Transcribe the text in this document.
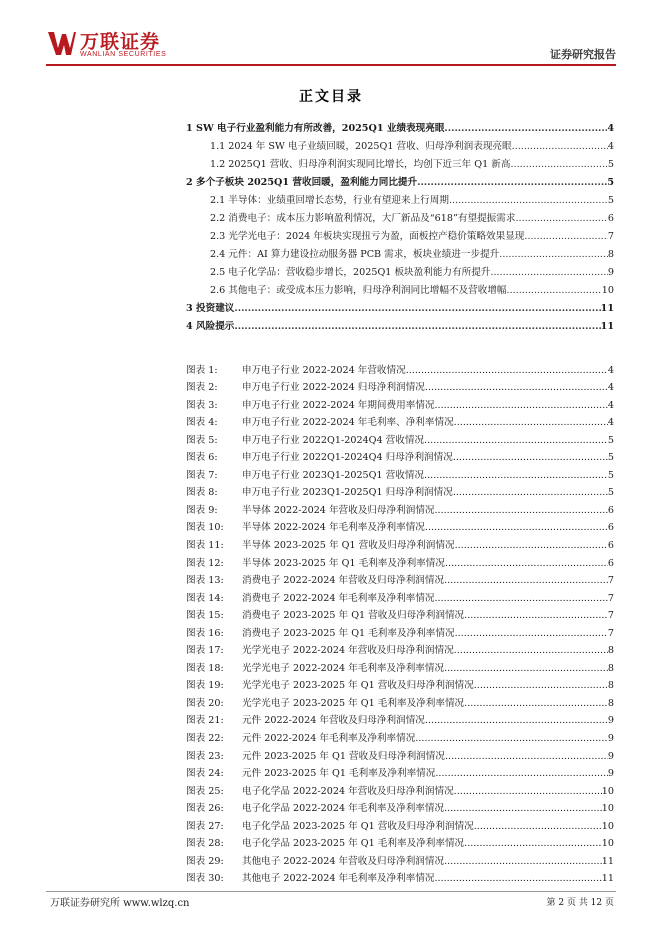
万联证券
WANLIAN SECURITIES	证券研究报告
正文目录
1 SW 电子行业盈利能力有所改善，2025Q1 业绩表现亮眼 .....	4
1.1 2024 年 SW 电子业绩回暖，2025Q1 营收、归母净利润表现亮眼 .....	4
1.2 2025Q1 营收、归母净利润实现同比增长，均创下近三年 Q1 新高 .....	5
2 多个子板块 2025Q1 营收回暖，盈利能力同比提升 .....	5
2.1 半导体：业绩重回增长态势，行业有望迎来上行周期 .....	5
2.2 消费电子：成本压力影响盈利情况，大厂新品及“618”有望提振需求 .....	6
2.3 光学光电子：2024 年板块实现扭亏为盈，面板控产稳价策略效果显现 .....	7
2.4 元件：AI 算力建设拉动服务器 PCB 需求，板块业绩进一步提升 .....	8
2.5 电子化学品：营收稳步增长，2025Q1 板块盈利能力有所提升 .....	9
2.6 其他电子：或受成本压力影响，归母净利润同比增幅不及营收增幅 .....	10
3 投资建议 .....	11
4 风险提示 .....	11
图表 1:	申万电子行业 2022-2024 年营收情况 .....	4
图表 2:	申万电子行业 2022-2024 归母净利润情况 .....	4
图表 3:	申万电子行业 2022-2024 年期间费用率情况 .....	4
图表 4:	申万电子行业 2022-2024 年毛利率、净利率情况 .....	4
图表 5:	申万电子行业 2022Q1-2024Q4 营收情况 .....	5
图表 6:	申万电子行业 2022Q1-2024Q4 归母净利润情况 .....	5
图表 7:	申万电子行业 2023Q1-2025Q1 营收情况 .....	5
图表 8:	申万电子行业 2023Q1-2025Q1 归母净利润情况 .....	5
图表 9:	半导体 2022-2024 年营收及归母净利润情况 .....	6
图表 10:	半导体 2022-2024 年毛利率及净利率情况 .....	6
图表 11:	半导体 2023-2025 年 Q1 营收及归母净利润情况 .....	6
图表 12:	半导体 2023-2025 年 Q1 毛利率及净利率情况 .....	6
图表 13:	消费电子 2022-2024 年营收及归母净利润情况 .....	7
图表 14:	消费电子 2022-2024 年毛利率及净利率情况 .....	7
图表 15:	消费电子 2023-2025 年 Q1 营收及归母净利润情况 .....	7
图表 16:	消费电子 2023-2025 年 Q1 毛利率及净利率情况 .....	7
图表 17:	光学光电子 2022-2024 年营收及归母净利润情况 .....	8
图表 18:	光学光电子 2022-2024 年毛利率及净利率情况 .....	8
图表 19:	光学光电子 2023-2025 年 Q1 营收及归母净利润情况 .....	8
图表 20:	光学光电子 2023-2025 年 Q1 毛利率及净利率情况 .....	8
图表 21:	元件 2022-2024 年营收及归母净利润情况 .....	9
图表 22:	元件 2022-2024 年毛利率及净利率情况 .....	9
图表 23:	元件 2023-2025 年 Q1 营收及归母净利润情况 .....	9
图表 24:	元件 2023-2025 年 Q1 毛利率及净利率情况 .....	9
图表 25:	电子化学品 2022-2024 年营收及归母净利润情况 .....	10
图表 26:	电子化学品 2022-2024 年毛利率及净利率情况 .....	10
图表 27:	电子化学品 2023-2025 年 Q1 营收及归母净利润情况 .....	10
图表 28:	电子化学品 2023-2025 年 Q1 毛利率及净利率情况 .....	10
图表 29:	其他电子 2022-2024 年营收及归母净利润情况 .....	11
图表 30:	其他电子 2022-2024 年毛利率及净利率情况 .....	11
万联证券研究所 www.wlzq.cn	第 2 页 共 12 页
